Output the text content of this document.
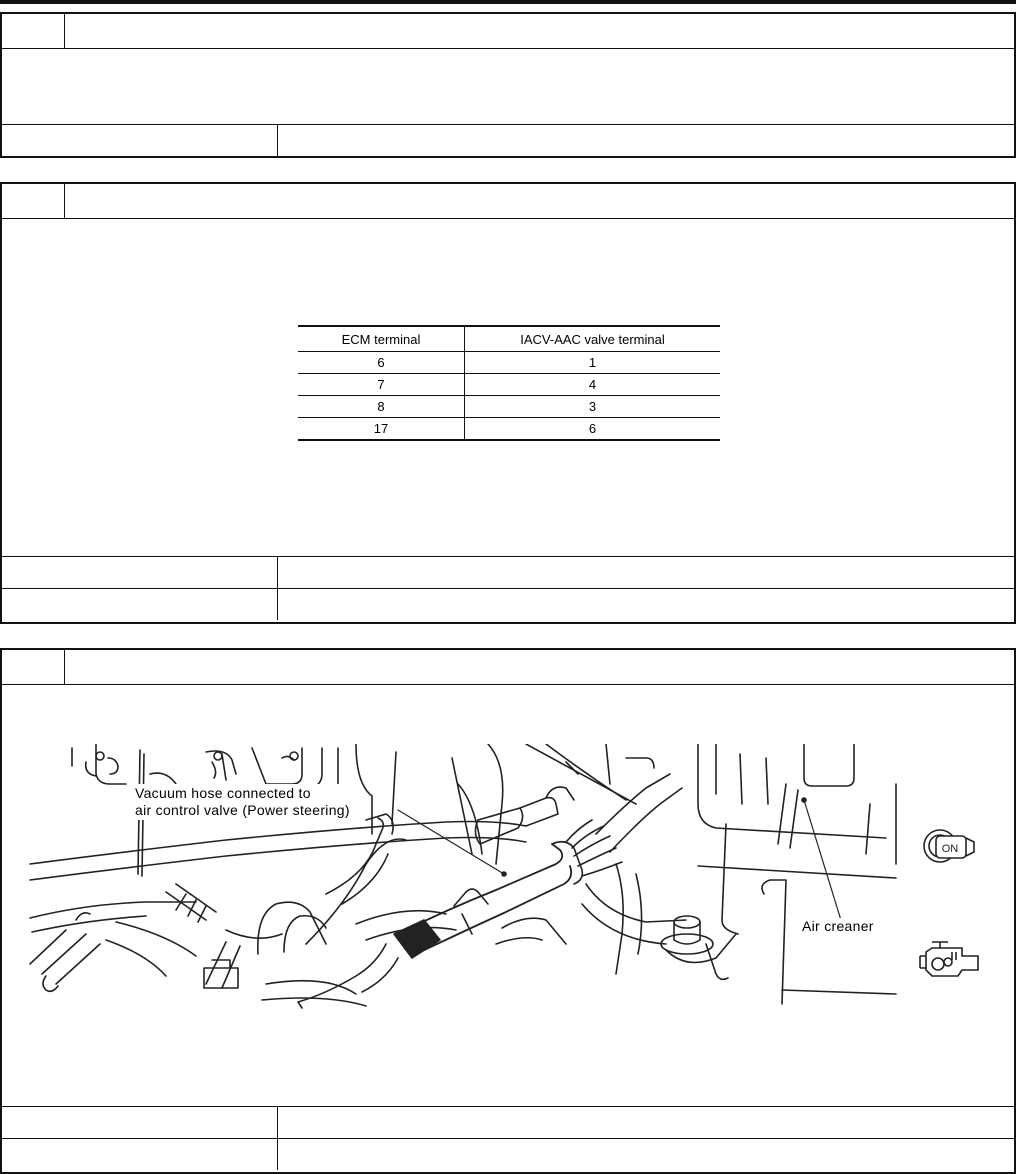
ECM terminal	IACV-AAC valve terminal
6	1
7	4
8	3
17	6
Vacuum hose connected to
air control valve (Power steering)
Air creaner
ON
